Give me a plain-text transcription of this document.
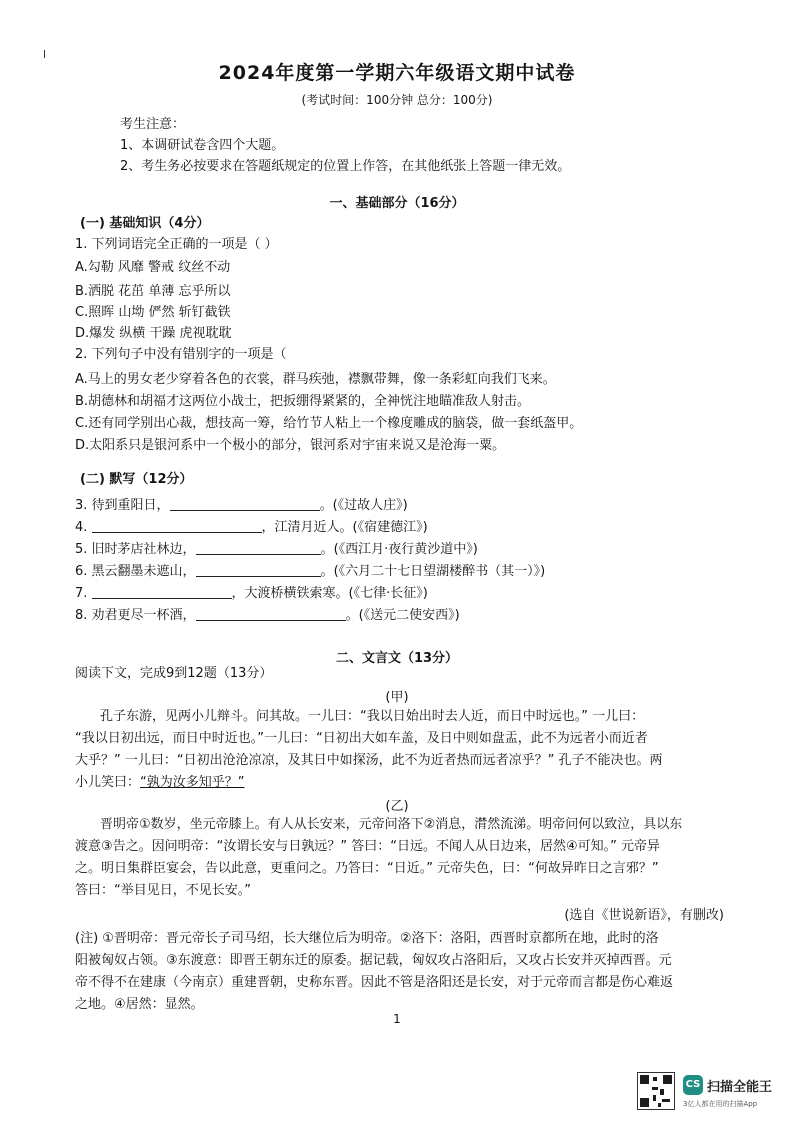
2024年度第一学期六年级语文期中试卷
(考试时间：100分钟 总分：100分)
考生注意：
1、本调研试卷含四个大题。
2、考生务必按要求在答题纸规定的位置上作答，在其他纸张上答题一律无效。
一、基础部分（16分）
(一) 基础知识（4分）
1. 下列词语完全正确的一项是（ ）
A.勾勒 风靡 警戒 纹丝不动
B.洒脱 花茁 单薄 忘乎所以
C.照晖 山坳 俨然 斩钉截铁
D.爆发 纵横 干躁 虎视耽耽
2. 下列句子中没有错别字的一项是（
A.马上的男女老少穿着各色的衣裳，群马疾弛，襟飘带舞，像一条彩虹向我们飞来。
B.胡德林和胡福才这两位小战士，把扳绷得紧紧的，全神恍注地瞄准敌人射击。
C.还有同学别出心裁，想技高一筹，给竹节人粘上一个橡度雕成的脑袋，做一套纸盔甲。
D.太阳系只是银河系中一个极小的部分，银河系对宇宙来说又是沧海一粟。
(二) 默写（12分）
3. 待到重阳日，	。(《过故人庄》)
4.	，江清月近人。(《宿建德江》)
5. 旧时茅店社林边，	。(《西江月·夜行黄沙道中》)
6. 黑云翻墨未遮山，	。(《六月二十七日望湖楼醉书（其一）》)
7.	，大渡桥横铁索寒。(《七律·长征》)
8. 劝君更尽一杯酒，	。(《送元二使安西》)
二、文言文（13分）
阅读下文，完成9到12题（13分）
(甲)
孔子东游，见两小儿辩斗。问其故。一儿曰：“我以日始出时去人近，而日中时远也。” 一儿曰：
“我以日初出远，而日中时近也。”一儿曰：“日初出大如车盖，及日中则如盘盂，此不为远者小而近者
大乎？” 一儿曰：“日初出沧沧凉凉，及其日中如探汤，此不为近者热而远者凉乎？” 孔子不能决也。两
小儿笑曰：“孰为汝多知乎？”
(乙)
晋明帝①数岁，坐元帝膝上。有人从长安来，元帝问洛下②消息，潸然流涕。明帝问何以致泣，具以东
渡意③告之。因问明帝：“汝谓长安与日孰远？” 答曰：“日远。不闻人从日边来，居然④可知。” 元帝异
之。明日集群臣宴会，告以此意，更重问之。乃答曰：“日近。” 元帝失色，曰：“何故异昨日之言邪？”
答曰：“举目见日，不见长安。”
(选自《世说新语》，有删改)
(注) ①晋明帝：晋元帝长子司马绍，长大继位后为明帝。②洛下：洛阳，西晋时京都所在地，此时的洛
阳被匈奴占领。③东渡意：即晋王朝东迁的原委。据记载，匈奴攻占洛阳后，又攻占长安并灭掉西晋。元
帝不得不在建康（今南京）重建晋朝，史称东晋。因此不管是洛阳还是长安，对于元帝而言都是伤心难返
之地。④居然：显然。
1
CS 扫描全能王
3亿人都在用的扫描App
